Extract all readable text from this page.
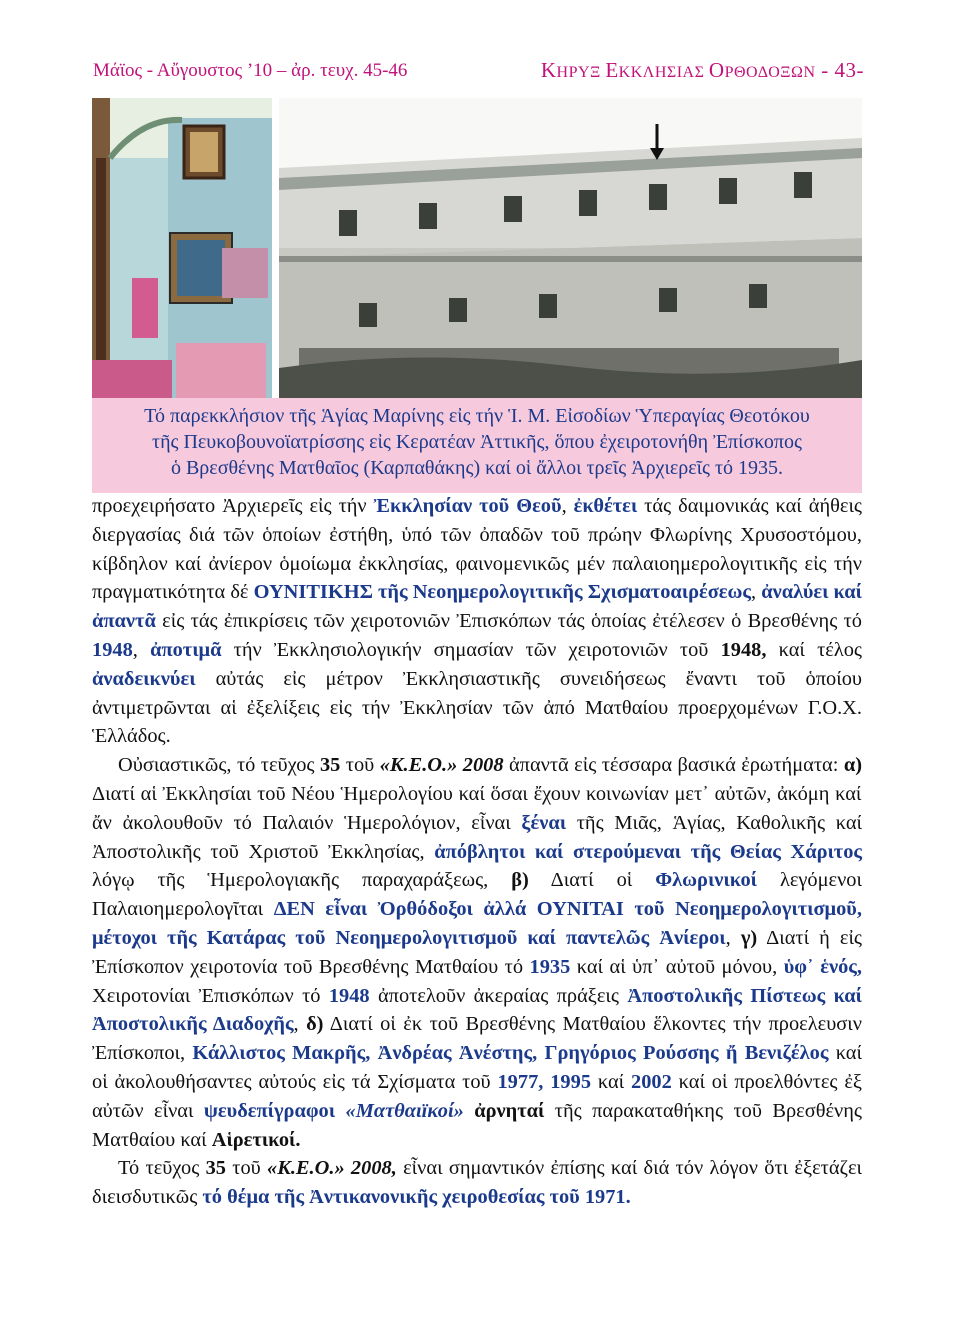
Μάϊος - Αὔγουστος ’10 – ἀρ. τευχ. 45-46	ΚΗΡΥΞ ΕΚΚΛΗΣΙΑΣ ΟΡΘΟΔΟΞΩΝ - 43-
Τό παρεκκλήσιον τῆς Ἁγίας Μαρίνης εἰς τήν Ἱ. Μ. Εἰσοδίων Ὑπεραγίας Θεοτόκου
τῆς Πευκοβουνοϊατρίσσης εἰς Κερατέαν Ἀττικῆς, ὅπου ἐχειροτονήθη Ἐπίσκοπος
ὁ Βρεσθένης Ματθαῖος (Καρπαθάκης) καί οἱ ἄλλοι τρεῖς Ἀρχιερεῖς τό 1935.

προεχειρήσατο Ἀρχιερεῖς εἰς τήν Ἐκκλησίαν τοῦ Θεοῦ, ἐκθέτει τάς δαιμονικάς καί ἀήθεις διεργασίας διά τῶν ὁποίων ἐστήθη, ὑπό τῶν ὀπαδῶν τοῦ πρώην Φλωρίνης Χρυσοστόμου, κίβδηλον καί ἀνίερον ὁμοίωμα ἐκκλησίας, φαινομενικῶς μέν παλαιοημερολογιτικῆς εἰς τήν πραγματικότητα δέ ΟΥΝΙΤΙΚΗΣ τῆς Νεοημερολογιτικῆς Σχισματοαιρέσεως, ἀναλύει καί ἀπαντᾶ εἰς τάς ἐπικρίσεις τῶν χειροτονιῶν Ἐπισκόπων τάς ὁποίας ἐτέλεσεν ὁ Βρεσθένης τό 1948, ἀποτιμᾶ τήν Ἐκκλησιολογικήν σημασίαν τῶν χειροτονιῶν τοῦ 1948, καί τέλος ἀναδεικνύει αὐτάς εἰς μέτρον Ἐκκλησιαστικῆς συνειδήσεως ἔναντι τοῦ ὁποίου ἀντιμετρῶνται αἱ ἐξελίξεις εἰς τήν Ἐκκλησίαν τῶν ἀπό Ματθαίου προερχομένων Γ.Ο.Χ. Ἑλλάδος.

Οὐσιαστικῶς, τό τεῦχος 35 τοῦ «Κ.Ε.Ο.» 2008 ἀπαντᾶ εἰς τέσσαρα βασικά ἐρωτήματα: α) Διατί αἱ Ἐκκλησίαι τοῦ Νέου Ἡμερολογίου καί ὅσαι ἔχουν κοινωνίαν μετ᾽ αὐτῶν, ἀκόμη καί ἄν ἀκολουθοῦν τό Παλαιόν Ἡμερολόγιον, εἶναι ξέναι τῆς Μιᾶς, Ἁγίας, Καθολικῆς καί Ἀποστολικῆς τοῦ Χριστοῦ Ἐκκλησίας, ἀπόβλητοι καί στερούμεναι τῆς Θείας Χάριτος λόγῳ τῆς Ἡμερολογιακῆς παραχαράξεως, β) Διατί οἱ Φλωρινικοί λεγόμενοι Παλαιοημερολογῖται ΔΕΝ εἶναι Ὀρθόδοξοι ἀλλά ΟΥΝΙΤΑΙ τοῦ Νεοημερολογιτισμοῦ, μέτοχοι τῆς Κατάρας τοῦ Νεοημερολογιτισμοῦ καί παντελῶς Ἀνίεροι, γ) Διατί ἡ εἰς Ἐπίσκοπον χειροτονία τοῦ Βρεσθένης Ματθαίου τό 1935 καί αἱ ὑπ᾽ αὐτοῦ μόνου, ὑφ᾽ ἑνός, Χειροτονίαι Ἐπισκόπων τό 1948 ἀποτελοῦν ἀκεραίας πράξεις Ἀποστολικῆς Πίστεως καί Ἀποστολικῆς Διαδοχῆς, δ) Διατί οἱ ἐκ τοῦ Βρεσθένης Ματθαίου ἕλκοντες τήν προελευσιν Ἐπίσκοποι, Κάλλιστος Μακρῆς, Ἀνδρέας Ἀνέστης, Γρηγόριος Ρούσσης ἤ Βενιζέλος καί οἱ ἀκολουθήσαντες αὐτούς εἰς τά Σχίσματα τοῦ 1977, 1995 καί 2002 καί οἱ προελθόντες ἐξ αὐτῶν εἶναι ψευδεπίγραφοι «Ματθαιϊκοί» ἀρνηταί τῆς παρακαταθήκης τοῦ Βρεσθένης Ματθαίου καί Αἱρετικοί.

Τό τεῦχος 35 τοῦ «Κ.Ε.Ο.» 2008, εἶναι σημαντικόν ἐπίσης καί διά τόν λόγον ὅτι ἐξετάζει διεισδυτικῶς τό θέμα τῆς Ἀντικανονικῆς χειροθεσίας τοῦ 1971.
